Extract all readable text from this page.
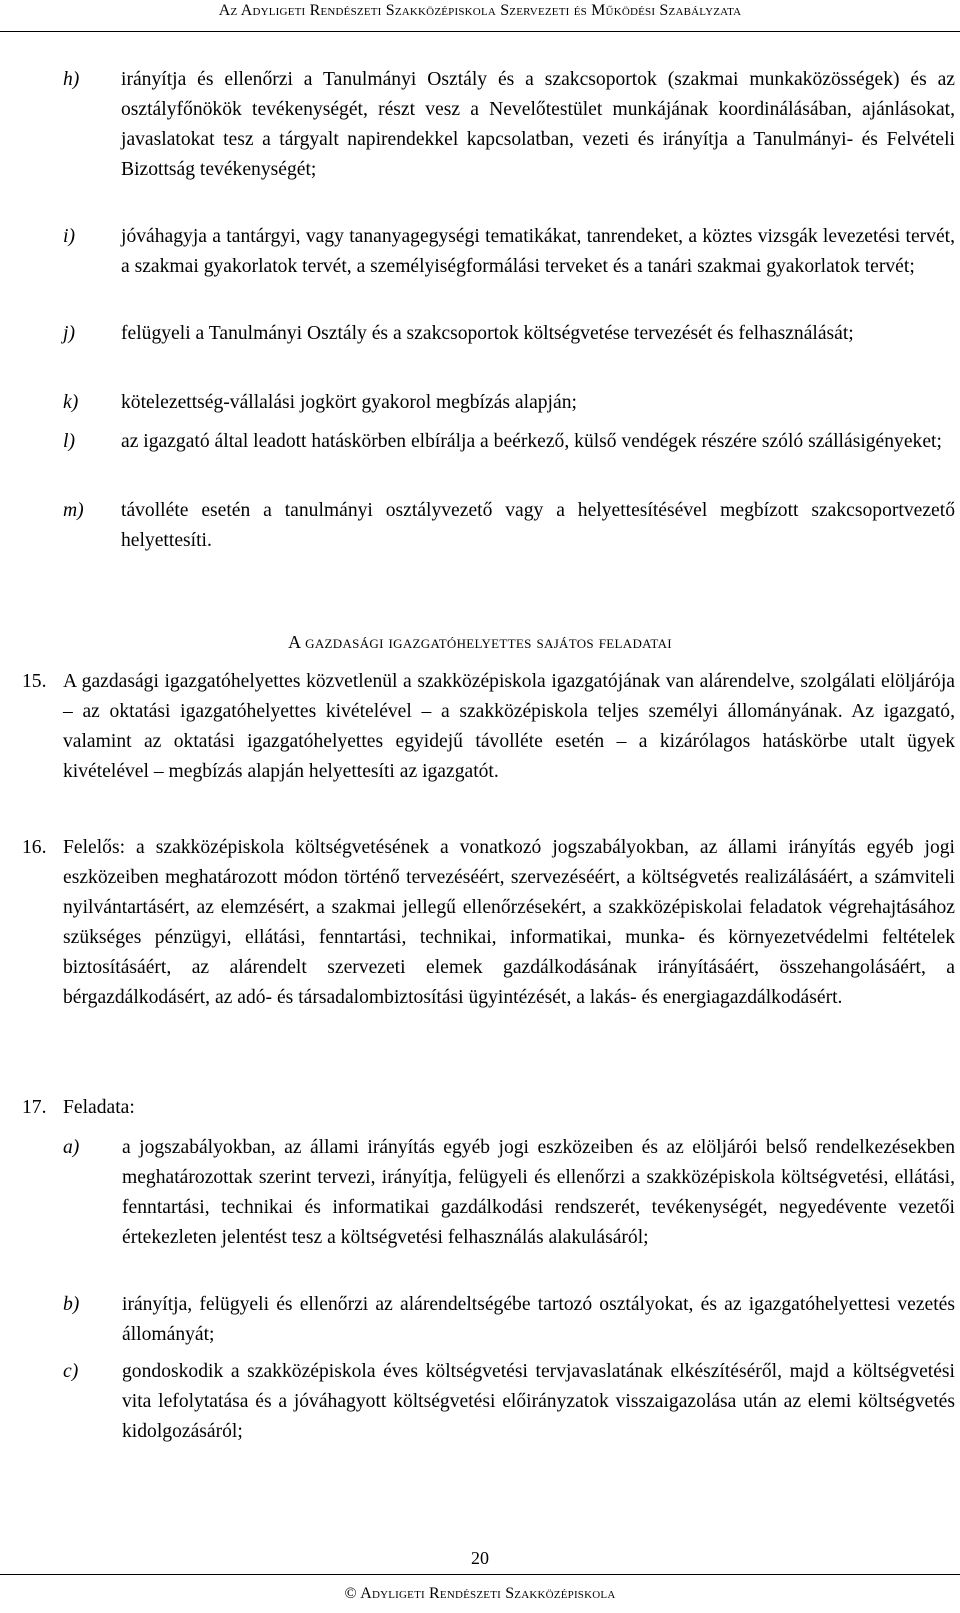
Az Adyligeti Rendészeti Szakközépiskola Szervezeti és Működési Szabályzata
h)	irányítja és ellenőrzi a Tanulmányi Osztály és a szakcsoportok (szakmai munkaközösségek) és az osztályfőnökök tevékenységét, részt vesz a Nevelőtestület munkájának koordinálásában, ajánlásokat, javaslatokat tesz a tárgyalt napirendekkel kapcsolatban, vezeti és irányítja a Tanulmányi- és Felvételi Bizottság tevékenységét;
i)	jóváhagyja a tantárgyi, vagy tananyagegységi tematikákat, tanrendeket, a köztes vizsgák levezetési tervét, a szakmai gyakorlatok tervét, a személyiségformálási terveket és a tanári szakmai gyakorlatok tervét;
j)	felügyeli a Tanulmányi Osztály és a szakcsoportok költségvetése tervezését és felhasználását;
k)	kötelezettség-vállalási jogkört gyakorol megbízás alapján;
l)	az igazgató által leadott hatáskörben elbírálja a beérkező, külső vendégek részére szóló szállásigényeket;
m)	távolléte esetén a tanulmányi osztályvezető vagy a helyettesítésével megbízott szakcsoportvezető helyettesíti.
A gazdasági igazgatóhelyettes sajátos feladatai
15. A gazdasági igazgatóhelyettes közvetlenül a szakközépiskola igazgatójának van alárendelve, szolgálati elöljárója – az oktatási igazgatóhelyettes kivételével – a szakközépiskola teljes személyi állományának. Az igazgató, valamint az oktatási igazgatóhelyettes egyidejű távolléte esetén – a kizárólagos hatáskörbe utalt ügyek kivételével – megbízás alapján helyettesíti az igazgatót.
16. Felelős: a szakközépiskola költségvetésének a vonatkozó jogszabályokban, az állami irányítás egyéb jogi eszközeiben meghatározott módon történő tervezéséért, szervezéséért, a költségvetés realizálásáért, a számviteli nyilvántartásért, az elemzésért, a szakmai jellegű ellenőrzésekért, a szakközépiskolai feladatok végrehajtásához szükséges pénzügyi, ellátási, fenntartási, technikai, informatikai, munka- és környezetvédelmi feltételek biztosításáért, az alárendelt szervezeti elemek gazdálkodásának irányításáért, összehangolásáért, a bérgazdálkodásért, az adó- és társadalombiztosítási ügyintézését, a lakás- és energiagazdálkodásért.
17. Feladata:
a)	a jogszabályokban, az állami irányítás egyéb jogi eszközeiben és az elöljárói belső rendelkezésekben meghatározottak szerint tervezi, irányítja, felügyeli és ellenőrzi a szakközépiskola költségvetési, ellátási, fenntartási, technikai és informatikai gazdálkodási rendszerét, tevékenységét, negyedévente vezetői értekezleten jelentést tesz a költségvetési felhasználás alakulásáról;
b)	irányítja, felügyeli és ellenőrzi az alárendeltségébe tartozó osztályokat, és az igazgatóhelyettesi vezetés állományát;
c)	gondoskodik a szakközépiskola éves költségvetési tervjavaslatának elkészítéséről, majd a költségvetési vita lefolytatása és a jóváhagyott költségvetési előirányzatok visszaigazolása után az elemi költségvetés kidolgozásáról;
20
© Adyligeti Rendészeti Szakközépiskola
